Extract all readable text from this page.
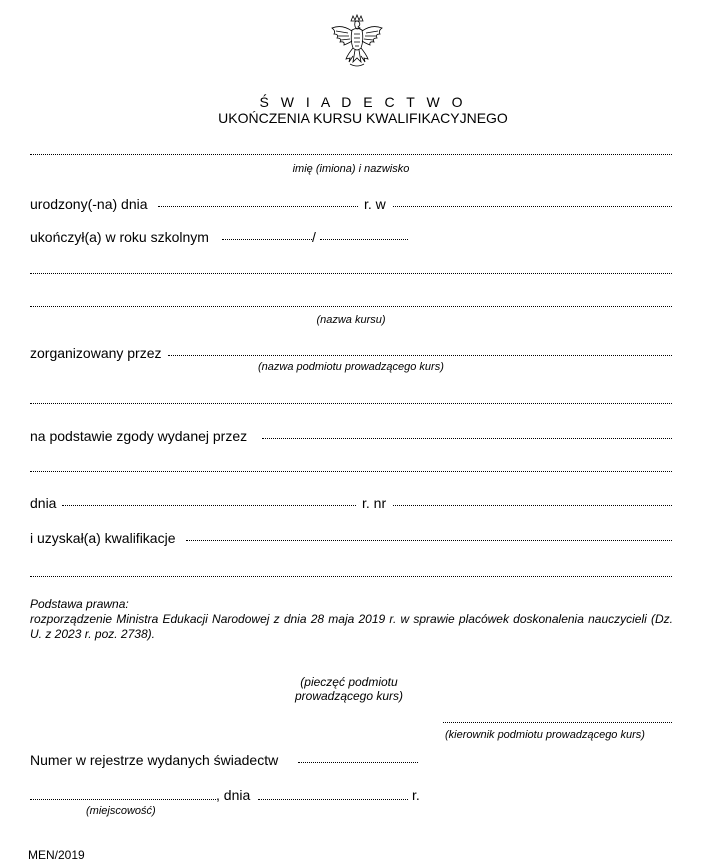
Ś W I A D E C T W O
UKOŃCZENIA KURSU KWALIFIKACYJNEGO
imię (imiona) i nazwisko
urodzony(-na) dnia	r. w
ukończył(a) w roku szkolnym	/
(nazwa kursu)
zorganizowany przez
(nazwa podmiotu prowadzącego kurs)
na podstawie zgody wydanej przez
dnia	r. nr
i uzyskał(a) kwalifikacje
Podstawa prawna:
rozporządzenie Ministra Edukacji Narodowej z dnia 28 maja 2019 r. w sprawie placówek doskonalenia nauczycieli (Dz. U. z 2023 r. poz. 2738).
(pieczęć podmiotu
prowadzącego kurs)
(kierownik podmiotu prowadzącego kurs)
Numer w rejestrze wydanych świadectw
, dnia	r.
(miejscowość)
MEN/2019
